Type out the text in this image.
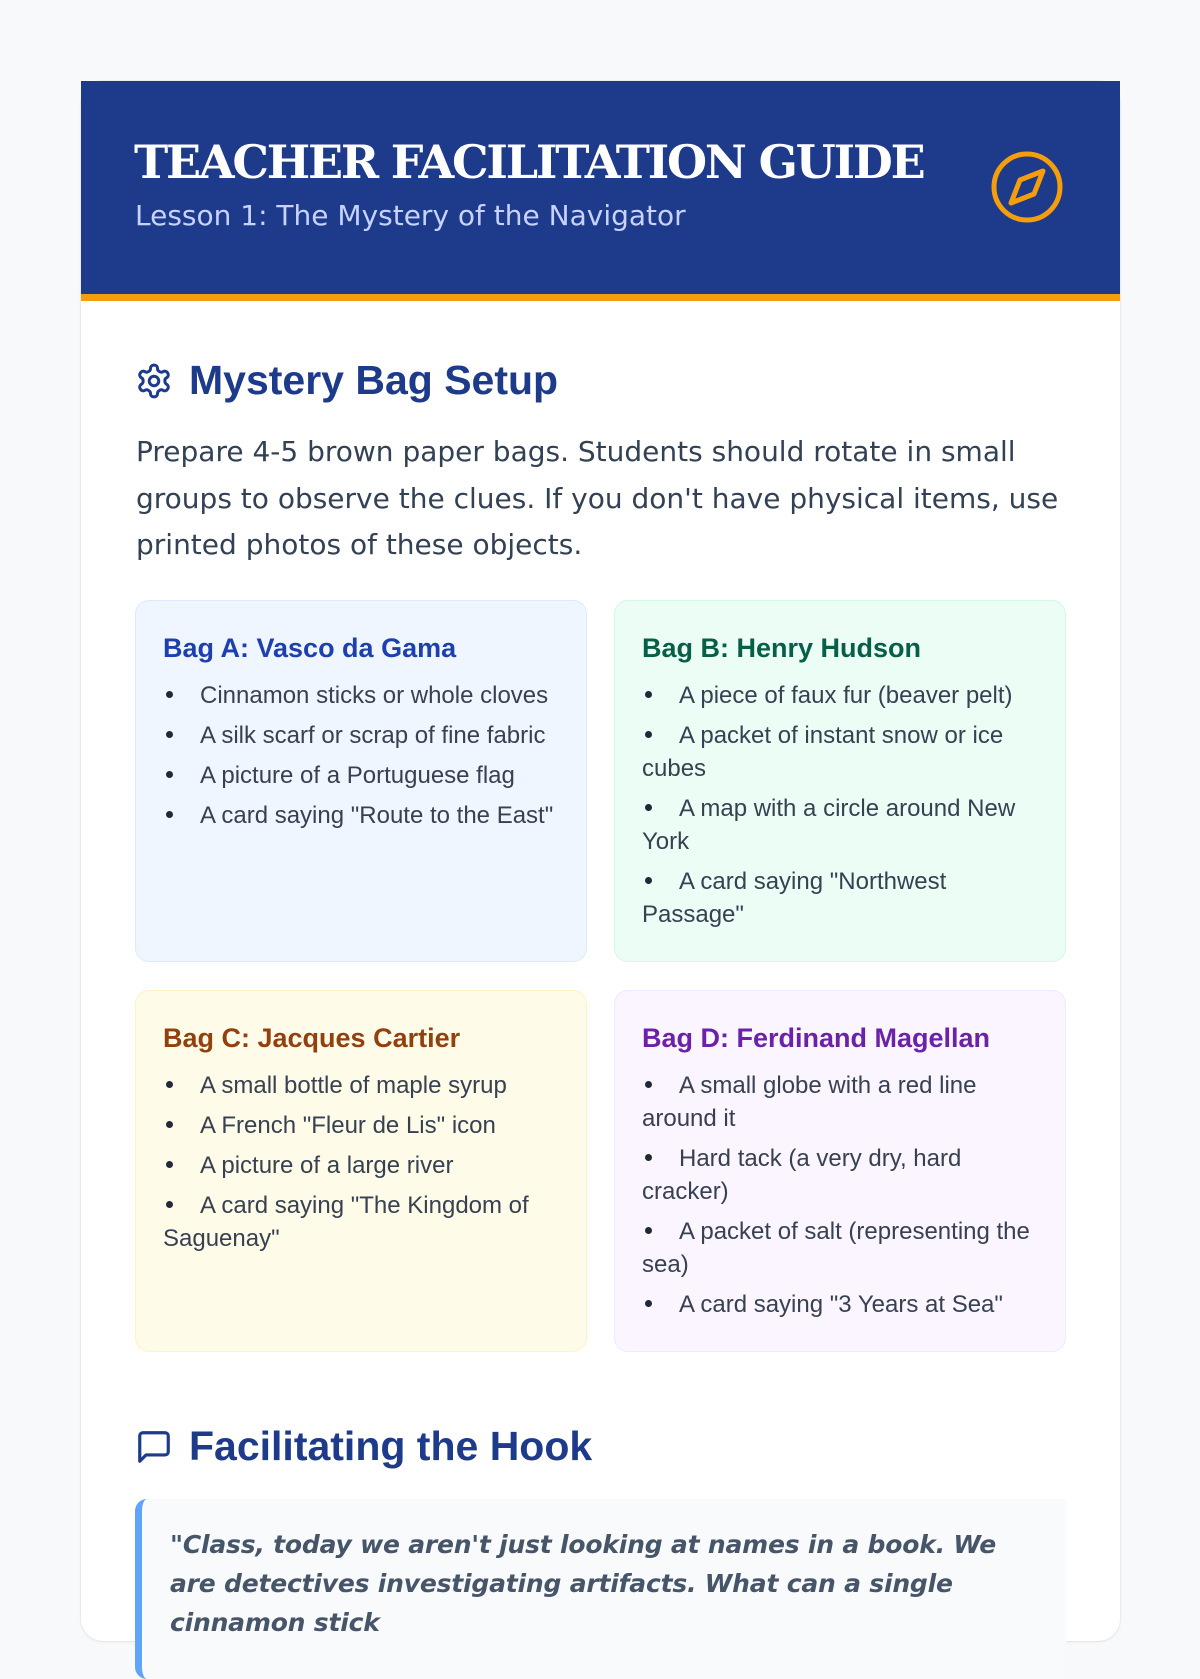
TEACHER FACILITATION GUIDE
Lesson 1: The Mystery of the Navigator
Mystery Bag Setup

Prepare 4-5 brown paper bags. Students should rotate in small groups to observe the clues. If you don't have physical items, use printed photos of these objects.

Bag A: Vasco da Gama
Cinnamon sticks or whole cloves
A silk scarf or scrap of fine fabric
A picture of a Portuguese flag
A card saying "Route to the East"
Bag B: Henry Hudson
A piece of faux fur (beaver pelt)
A packet of instant snow or ice cubes
A map with a circle around New York
A card saying "Northwest Passage"
Bag C: Jacques Cartier
A small bottle of maple syrup
A French "Fleur de Lis" icon
A picture of a large river
A card saying "The Kingdom of Saguenay"
Bag D: Ferdinand Magellan
A small globe with a red line around it
Hard tack (a very dry, hard cracker)
A packet of salt (representing the sea)
A card saying "3 Years at Sea"
Facilitating the Hook

"Class, today we aren't just looking at names in a book. We are detectives investigating artifacts. What can a single cinnamon stick
